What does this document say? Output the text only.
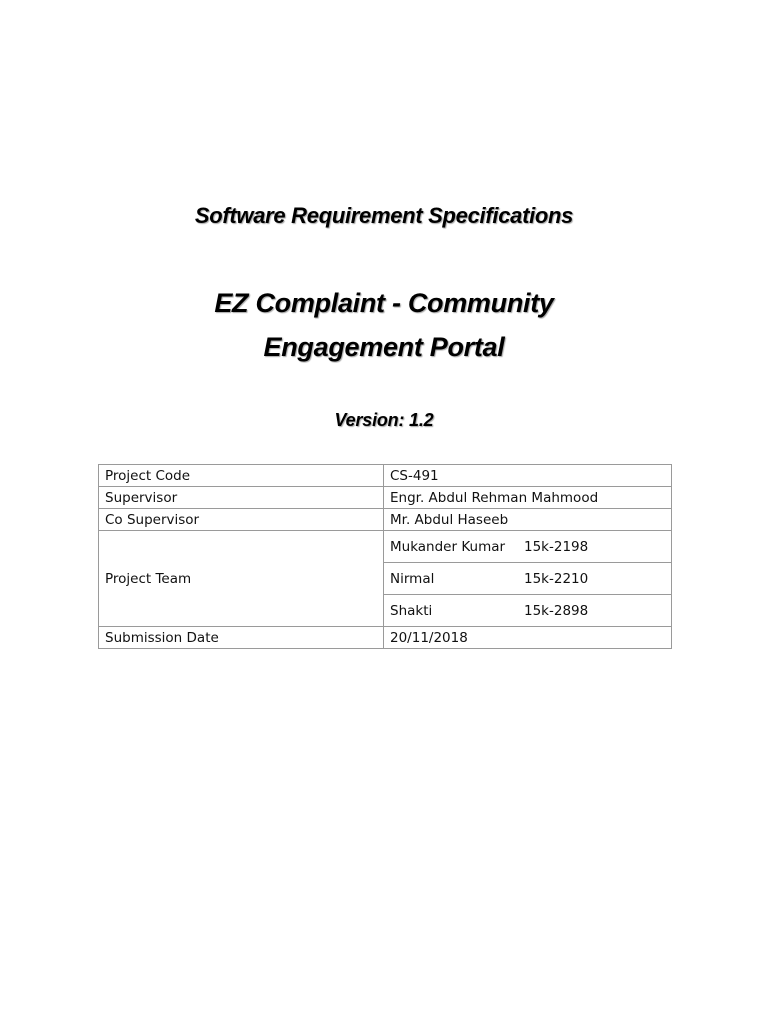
Software Requirement Specifications
EZ Complaint - Community
Engagement Portal
Version: 1.2
Project Code	CS-491
Supervisor	Engr. Abdul Rehman Mahmood
Co Supervisor	Mr. Abdul Haseeb
Project Team	Mukander Kumar 15k-2198
	Nirmal 15k-2210
	Shakti 15k-2898
Submission Date	20/11/2018
